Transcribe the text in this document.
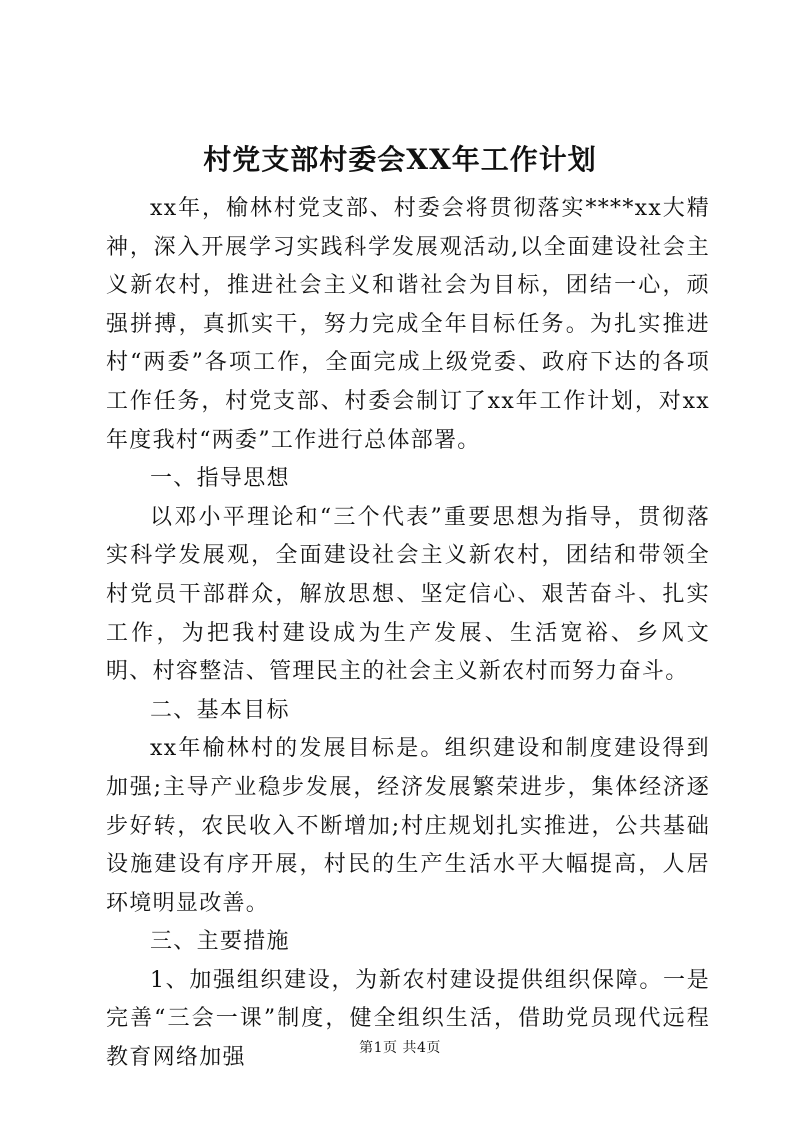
村党支部村委会XX年工作计划

xx年，榆林村党支部、村委会将贯彻落实****xx大精神，深入开展学习实践科学发展观活动,以全面建设社会主义新农村，推进社会主义和谐社会为目标，团结一心，顽强拼搏，真抓实干，努力完成全年目标任务。为扎实推进村“两委”各项工作，全面完成上级党委、政府下达的各项工作任务，村党支部、村委会制订了xx年工作计划，对xx年度我村“两委”工作进行总体部署。

一、指导思想

以邓小平理论和“三个代表”重要思想为指导，贯彻落实科学发展观，全面建设社会主义新农村，团结和带领全村党员干部群众，解放思想、坚定信心、艰苦奋斗、扎实工作，为把我村建设成为生产发展、生活宽裕、乡风文明、村容整洁、管理民主的社会主义新农村而努力奋斗。

二、基本目标

xx年榆林村的发展目标是。组织建设和制度建设得到加强;主导产业稳步发展，经济发展繁荣进步，集体经济逐步好转，农民收入不断增加;村庄规划扎实推进，公共基础设施建设有序开展，村民的生产生活水平大幅提高，人居环境明显改善。

三、主要措施

1、加强组织建设，为新农村建设提供组织保障。一是完善“三会一课”制度，健全组织生活，借助党员现代远程教育网络加强	第1页 共4页
